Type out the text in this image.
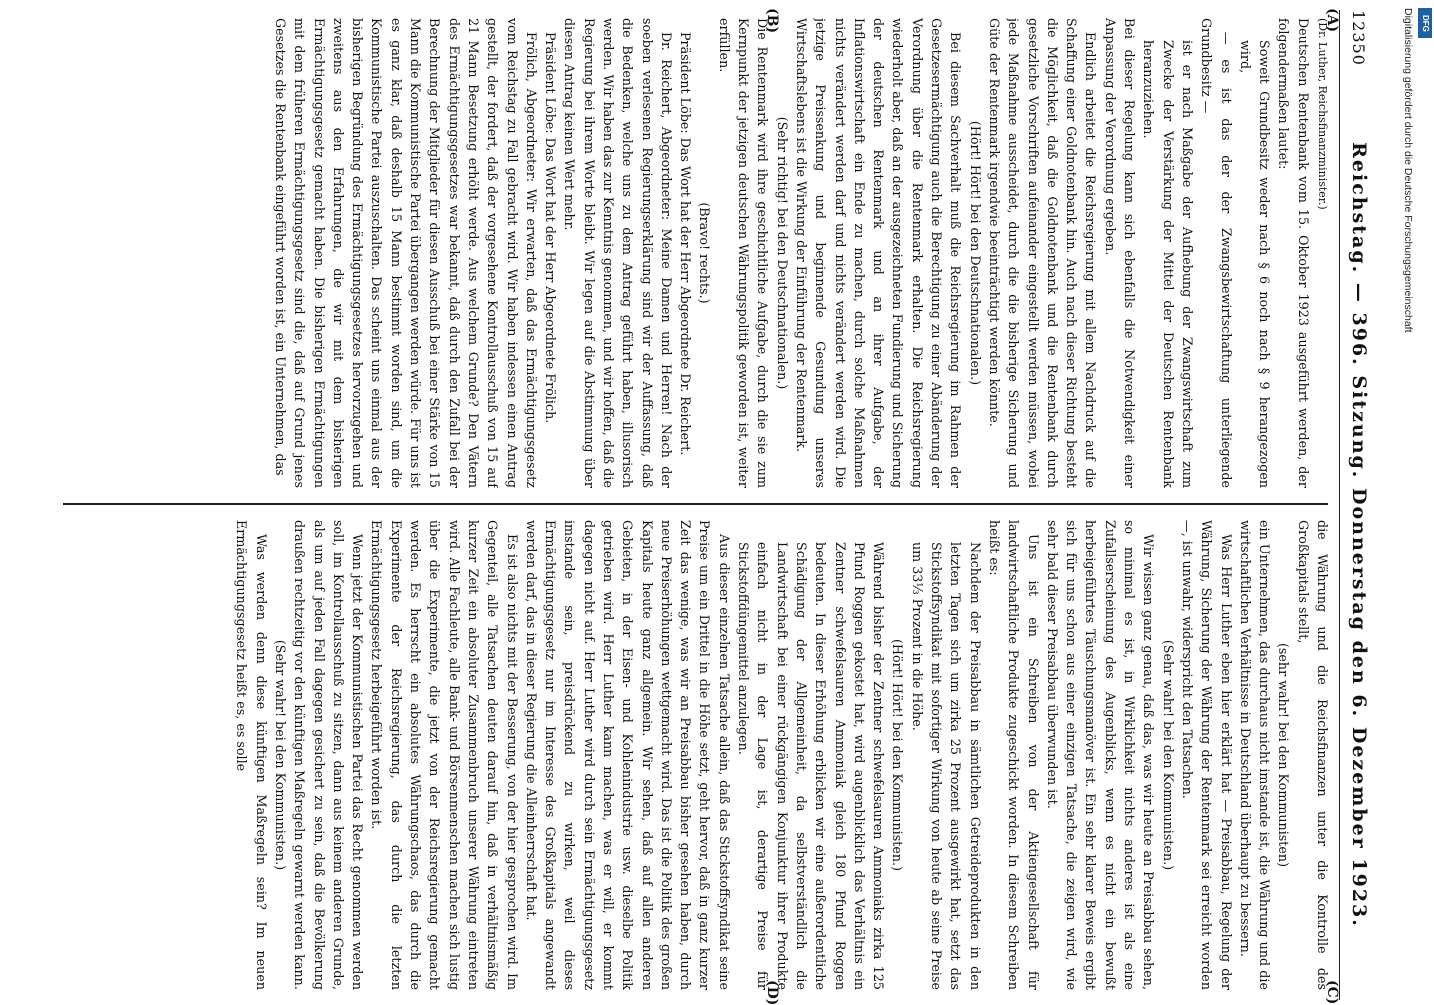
12350
Reichstag. — 396. Sitzung. Donnerstag den 6. Dezember 1923.
(A)
(B)
(C)
(D)

(Dr. Luther, Reichsfinanzminister.)

Deutschen Rentenbank vom 15. Oktober 1923 ausgeführt werden, der folgendermaßen lautet:

Soweit Grundbesitz weder nach § 6 noch nach § 9 herangezogen wird,

— es ist das der der Zwangsbewirtschaftung unterliegende Grundbesitz —

ist er nach Maßgabe der Aufhebung der Zwangswirtschaft zum Zwecke der Verstärkung der Mittel der Deutschen Rentenbank heranzuziehen.

Bei dieser Regelung kann sich ebenfalls die Notwendigkeit einer Anpassung der Verordnung ergeben.

Endlich arbeitet die Reichsregierung mit allem Nachdruck auf die Schaffung einer Goldnotenbank hin. Auch nach dieser Richtung besteht die Möglichkeit, daß die Goldnotenbank und die Rentenbank durch gesetzliche Vorschriften aufeinander eingestellt werden müssen, wobei jede Maßnahme ausscheidet, durch die die bisherige Sicherung und Güte der Rentenmark irgendwie beeinträchtigt werden könnte.

(Hört! Hört! bei den Deutschnationalen.)

Bei diesem Sachverhalt muß die Reichsregierung im Rahmen der Gesetzesermächtigung auch die Berechtigung zu einer Abänderung der Verordnung über die Rentenmark erhalten. Die Reichsregierung wiederholt aber, daß an der ausgezeichneten Fundierung und Sicherung der deutschen Rentenmark und an ihrer Aufgabe, der Inflationswirtschaft ein Ende zu machen, durch solche Maßnahmen nichts verändert werden darf und nichts verändert werden wird. Die jetzige Preissenkung und beginnende Gesundung unseres Wirtschaftslebens ist die Wirkung der Einführung der Rentenmark.

(Sehr richtig! bei den Deutschnationalen.)

Die Rentenmark wird ihre geschichtliche Aufgabe, durch die sie zum Kernpunkt der jetzigen deutschen Währungspolitik geworden ist, weiter erfüllen.

(Bravo! rechts.)

Präsident Löbe: Das Wort hat der Herr Abgeordnete Dr. Reichert.

Dr. Reichert, Abgeordneter: Meine Damen und Herren! Nach der soeben verlesenen Regierungserklärung sind wir der Auffassung, daß die Bedenken, welche uns zu dem Antrag geführt haben, illusorisch werden. Wir haben das zur Kenntnis genommen, und wir hoffen, daß die Regierung bei ihrem Worte bleibt. Wir legen auf die Abstimmung über diesen Antrag keinen Wert mehr.

Präsident Löbe: Das Wort hat der Herr Abgeordnete Frölich.

Frölich, Abgeordneter: Wir erwarten, daß das Ermächtigungsgesetz vom Reichstag zu Fall gebracht wird. Wir haben indessen einen Antrag gestellt, der fordert, daß der vorgesehene Kontrollausschuß von 15 auf 21 Mann Besetzung erhöht werde. Aus welchem Grunde? Den Vätern des Ermächtigungsgesetzes war bekannt, daß durch den Zufall bei der Berechnung der Mitglieder für diesen Ausschuß bei einer Stärke von 15 Mann die Kommunistische Partei übergangen werden würde. Für uns ist es ganz klar, daß deshalb 15 Mann bestimmt worden sind, um die Kommunistische Partei auszuschalten. Das scheint uns einmal aus der bisherigen Begründung des Ermächtigungsgesetzes hervorzugehen und zweitens aus den Erfahrungen, die wir mit dem bisherigen Ermächtigungsgesetz gemacht haben. Die bisherigen Ermächtigungen mit dem früheren Ermächtigungsgesetz sind die, daß auf Grund jenes Gesetzes die Rentenbank eingeführt worden ist, ein Unternehmen, das

die Währung und die Reichsfinanzen unter die Kontrolle des Großkapitals stellt,

(sehr wahr! bei den Kommunisten)

ein Unternehmen, das durchaus nicht imstande ist, die Währung und die wirtschaftlichen Verhältnisse in Deutschland überhaupt zu bessern.

Was Herr Luther eben hier erklärt hat — Preisabbau, Regelung der Währung, Sicherung der Währung der Rentenmark sei erreicht worden —, ist unwahr, widerspricht den Tatsachen.

(Sehr wahr! bei den Kommunisten.)

Wir wissen ganz genau, daß das, was wir heute an Preisabbau sehen, so minimal es ist, in Wirklichkeit nichts anderes ist als eine Zufallserscheinung des Augenblicks, wenn es nicht ein bewußt herbeigeführtes Täuschungsmanöver ist. Ein sehr klarer Beweis ergibt sich für uns schon aus einer einzigen Tatsache, die zeigen wird, wie sehr bald dieser Preisabbau überwunden ist.

Uns ist ein Schreiben von der Aktiengesellschaft für landwirtschaftliche Produkte zugeschickt worden. In diesem Schreiben heißt es:

Nachdem der Preisabbau in sämtlichen Getreideprodukten in den letzten Tagen sich um zirka 25 Prozent ausgewirkt hat, setzt das Stickstoffsyndikat mit sofortiger Wirkung von heute ab seine Preise um 33⅓ Prozent in die Höhe.

(Hört! Hört! bei den Kommunisten.)

Während bisher der Zentner schwefelsauren Ammoniaks zirka 125 Pfund Roggen gekostet hat, wird augenblicklich das Verhältnis ein Zentner schwefelsauren Ammoniak gleich 180 Pfund Roggen bedeuten. In dieser Erhöhung erblicken wir eine außerordentliche Schädigung der Allgemeinheit, da selbstverständlich die Landwirtschaft bei einer rückgängigen Konjunktur ihrer Produkte einfach nicht in der Lage ist, derartige Preise für Stickstoffdüngemittel anzulegen.

Aus dieser einzelnen Tatsache allein, daß das Stickstoffsyndikat seine Preise um ein Drittel in die Höhe setzt, geht hervor, daß in ganz kurzer Zeit das wenige, was wir an Preisabbau bisher gesehen haben, durch neue Preiserhöhungen wettgemacht wird. Das ist die Politik des großen Kapitals heute ganz allgemein. Wir sehen, daß auf allen anderen Gebieten, in der Eisen- und Kohlenindustrie usw. dieselbe Politik getrieben wird. Herr Luther kann machen, was er will, er kommt dagegen nicht auf. Herr Luther wird durch sein Ermächtigungsgesetz imstande sein, preisdrückend zu wirken, weil dieses Ermächtigungsgesetz nur im Interesse des Großkapitals angewandt werden darf, das in dieser Regierung die Alleinherrschaft hat.

Es ist also nichts mit der Besserung, von der hier gesprochen wird. Im Gegenteil, alle Tatsachen deuten darauf hin, daß in verhältnismäßig kurzer Zeit ein absoluter Zusammenbruch unserer Währung eintreten wird. Alle Fachleute, alle Bank- und Börsenmenschen machen sich lustig über die Experimente, die jetzt von der Reichsregierung gemacht werden. Es herrscht ein absolutes Währungschaos, das durch die Experimente der Reichsregierung, das durch die letzten Ermächtigungsgesetz herbeigeführt worden ist.

Wenn jetzt der Kommunistischen Partei das Recht genommen werden soll, im Kontrollausschuß zu sitzen, dann aus keinem anderen Grunde, als um auf jeden Fall dagegen gesichert zu sein, daß die Bevölkerung draußen rechtzeitig vor den künftigen Maßregeln gewarnt werden kann.

(Sehr wahr! bei den Kommunisten.)

Was werden denn diese künftigen Maßregeln sein? Im neuen Ermächtigungsgesetz heißt es, es solle

Digitalisierung gefördert durch die Deutsche Forschungsgemeinschaft DFG
